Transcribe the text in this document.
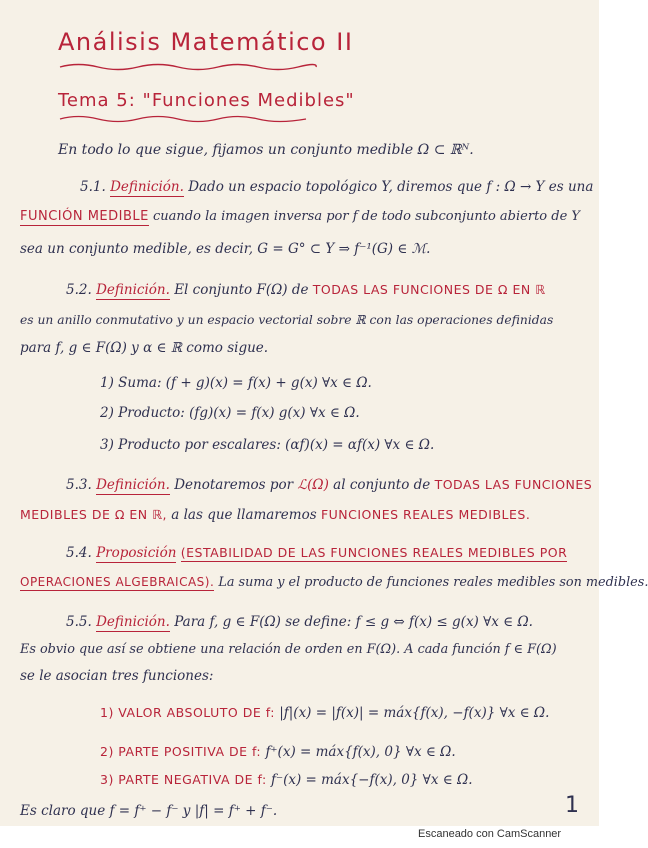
Análisis Matemático II
Tema 5: "Funciones Medibles"
En todo lo que sigue, fijamos un conjunto medible Ω ⊂ ℝᴺ.
5.1. Definición. Dado un espacio topológico Y, diremos que f : Ω → Y es una
FUNCIÓN MEDIBLE cuando la imagen inversa por f de todo subconjunto abierto de Y
sea un conjunto medible, es decir, G = G° ⊂ Y ⇒ f⁻¹(G) ∈ ℳ.
5.2. Definición. El conjunto F(Ω) de TODAS LAS FUNCIONES DE Ω EN ℝ
es un anillo conmutativo y un espacio vectorial sobre ℝ con las operaciones definidas
para f, g ∈ F(Ω) y α ∈ ℝ como sigue.
1) Suma: (f + g)(x) = f(x) + g(x) ∀x ∈ Ω.
2) Producto: (fg)(x) = f(x) g(x) ∀x ∈ Ω.
3) Producto por escalares: (αf)(x) = αf(x) ∀x ∈ Ω.
5.3. Definición. Denotaremos por ℒ(Ω) al conjunto de TODAS LAS FUNCIONES
MEDIBLES DE Ω EN ℝ, a las que llamaremos FUNCIONES REALES MEDIBLES.
5.4. Proposición (ESTABILIDAD DE LAS FUNCIONES REALES MEDIBLES POR
OPERACIONES ALGEBRAICAS). La suma y el producto de funciones reales medibles son medibles.
5.5. Definición. Para f, g ∈ F(Ω) se define: f ≤ g ⇔ f(x) ≤ g(x) ∀x ∈ Ω.
Es obvio que así se obtiene una relación de orden en F(Ω). A cada función f ∈ F(Ω)
se le asocian tres funciones:
1) VALOR ABSOLUTO DE f: |f|(x) = |f(x)| = máx{f(x), −f(x)} ∀x ∈ Ω.
2) PARTE POSITIVA DE f: f⁺(x) = máx{f(x), 0} ∀x ∈ Ω.
3) PARTE NEGATIVA DE f: f⁻(x) = máx{−f(x), 0} ∀x ∈ Ω.
Es claro que f = f⁺ − f⁻ y |f| = f⁺ + f⁻.	1
Escaneado con CamScanner
